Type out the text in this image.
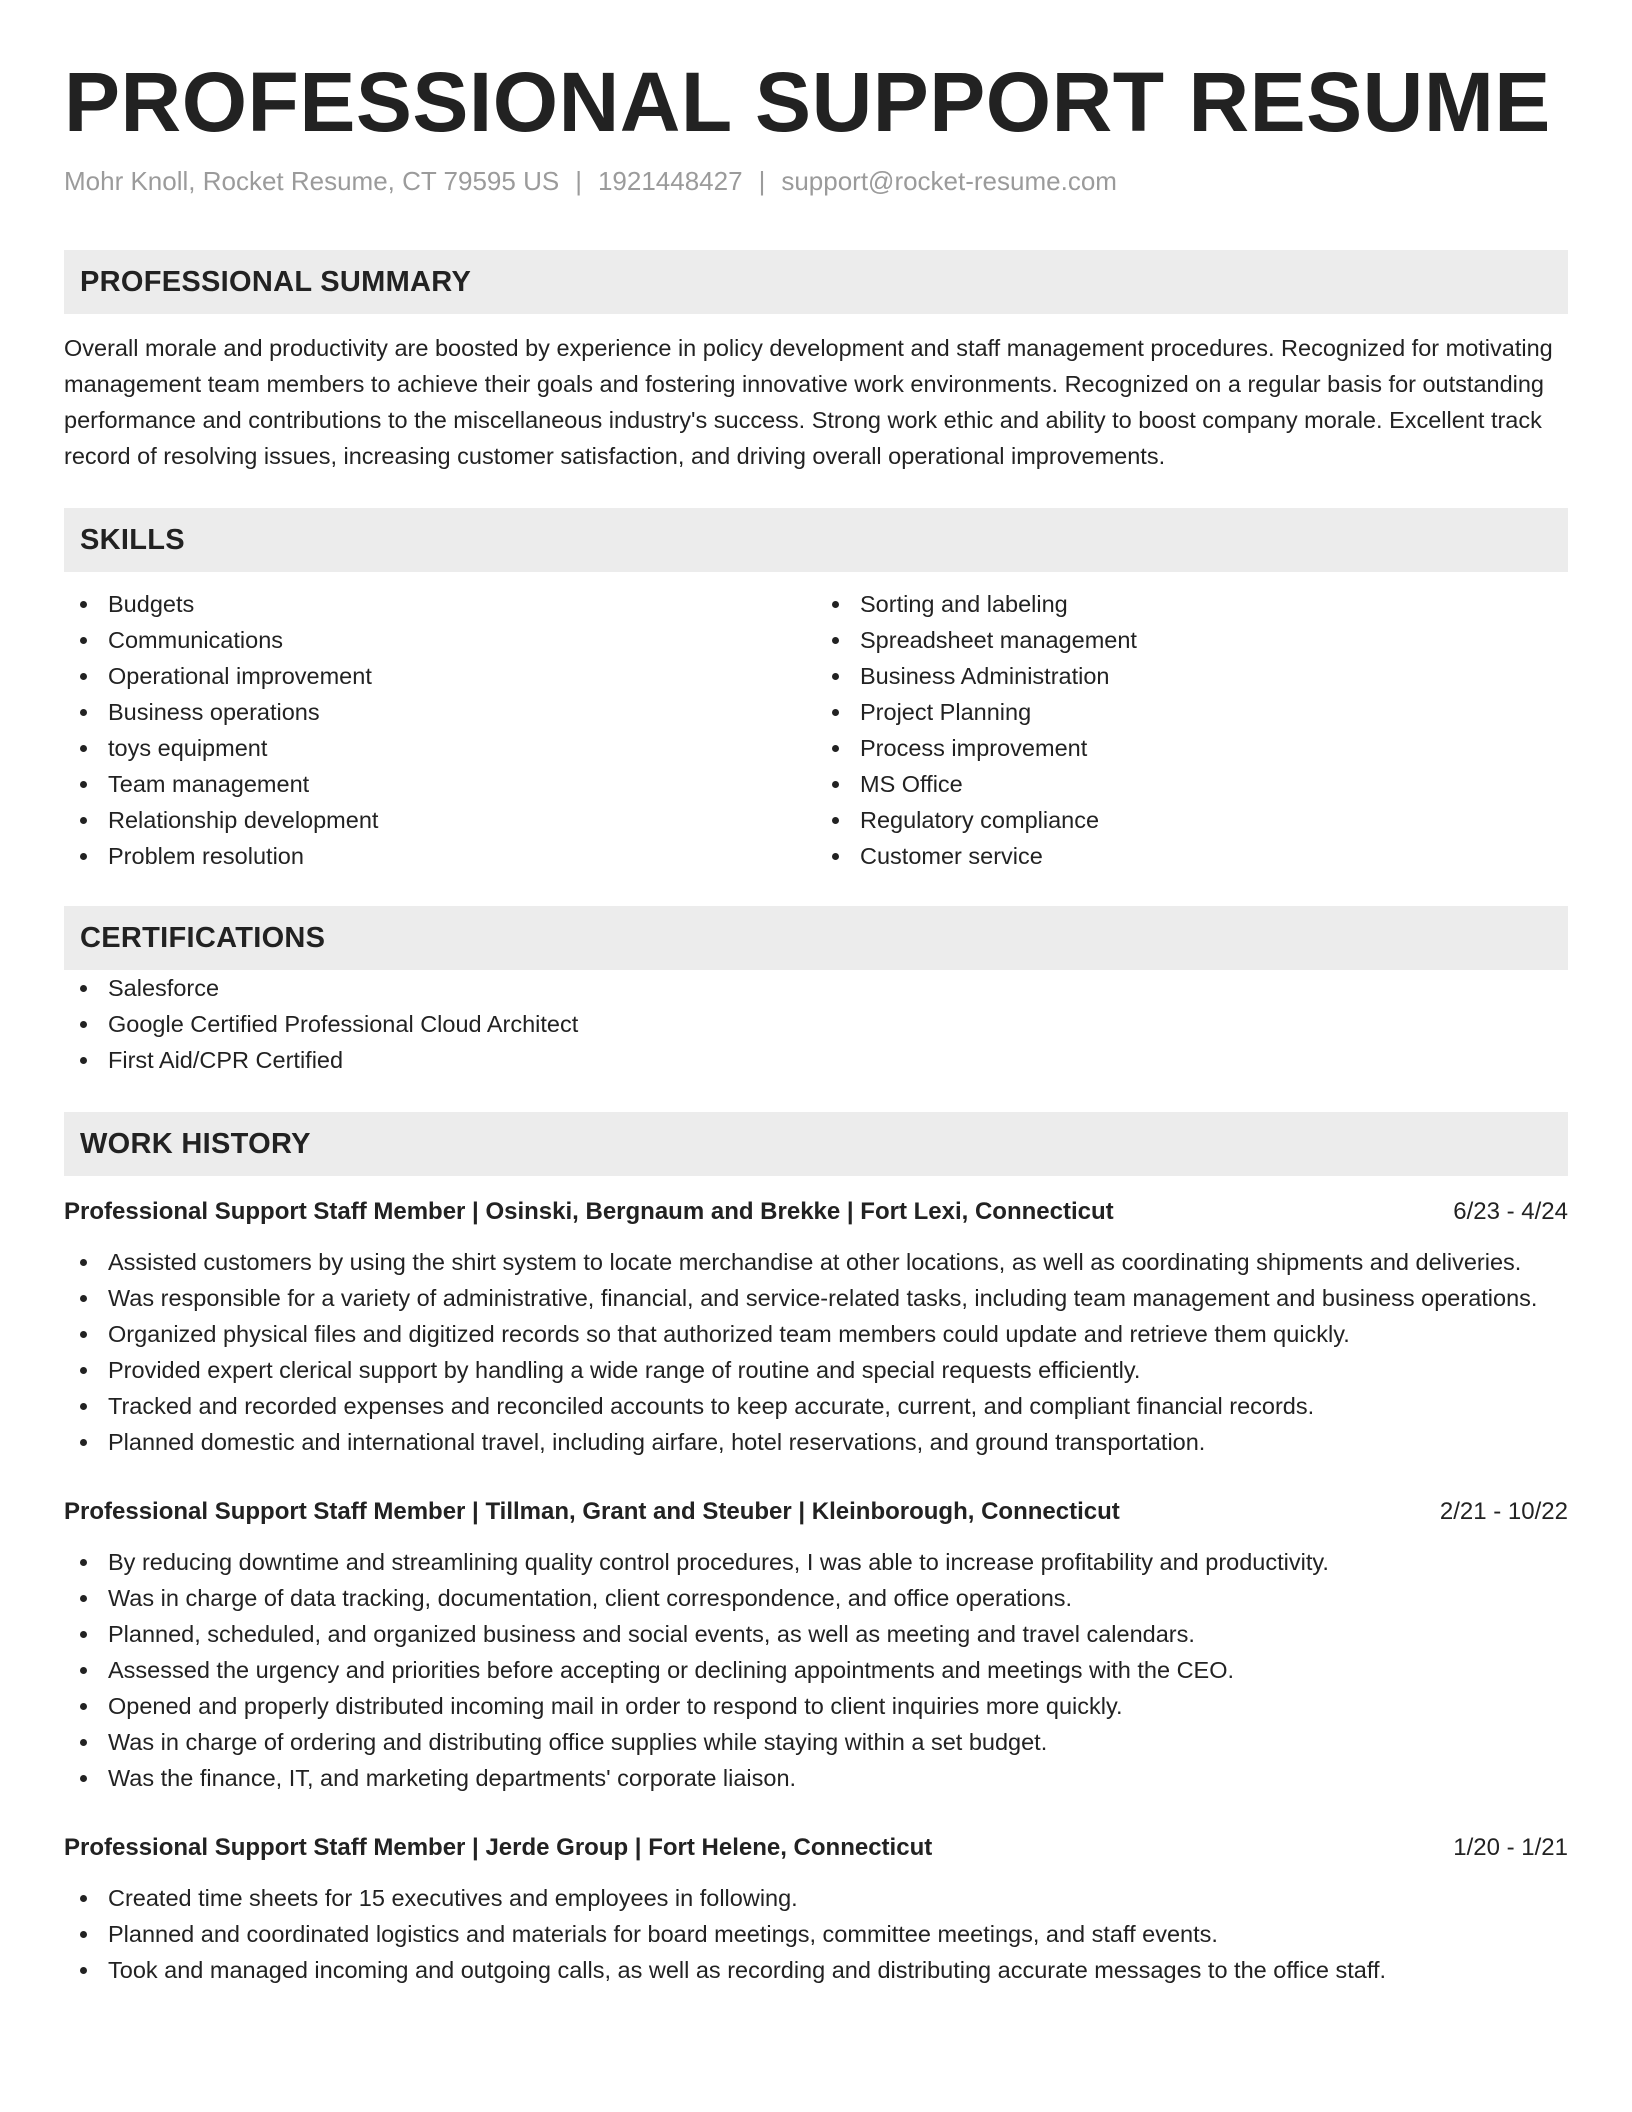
PROFESSIONAL SUPPORT RESUME
Mohr Knoll, Rocket Resume, CT 79595 US | 1921448427 | support@rocket-resume.com
PROFESSIONAL SUMMARY

Overall morale and productivity are boosted by experience in policy development and staff management procedures. Recognized for motivating management team members to achieve their goals and fostering innovative work environments. Recognized on a regular basis for outstanding performance and contributions to the miscellaneous industry's success. Strong work ethic and ability to boost company morale. Excellent track record of resolving issues, increasing customer satisfaction, and driving overall operational improvements.

SKILLS
Budgets
Communications
Operational improvement
Business operations
toys equipment
Team management
Relationship development
Problem resolution
Sorting and labeling
Spreadsheet management
Business Administration
Project Planning
Process improvement
MS Office
Regulatory compliance
Customer service
CERTIFICATIONS
Salesforce
Google Certified Professional Cloud Architect
First Aid/CPR Certified
WORK HISTORY
Professional Support Staff Member | Osinski, Bergnaum and Brekke | Fort Lexi, Connecticut	6/23 - 4/24
Assisted customers by using the shirt system to locate merchandise at other locations, as well as coordinating shipments and deliveries.
Was responsible for a variety of administrative, financial, and service-related tasks, including team management and business operations.
Organized physical files and digitized records so that authorized team members could update and retrieve them quickly.
Provided expert clerical support by handling a wide range of routine and special requests efficiently.
Tracked and recorded expenses and reconciled accounts to keep accurate, current, and compliant financial records.
Planned domestic and international travel, including airfare, hotel reservations, and ground transportation.
Professional Support Staff Member | Tillman, Grant and Steuber | Kleinborough, Connecticut	2/21 - 10/22
By reducing downtime and streamlining quality control procedures, I was able to increase profitability and productivity.
Was in charge of data tracking, documentation, client correspondence, and office operations.
Planned, scheduled, and organized business and social events, as well as meeting and travel calendars.
Assessed the urgency and priorities before accepting or declining appointments and meetings with the CEO.
Opened and properly distributed incoming mail in order to respond to client inquiries more quickly.
Was in charge of ordering and distributing office supplies while staying within a set budget.
Was the finance, IT, and marketing departments' corporate liaison.
Professional Support Staff Member | Jerde Group | Fort Helene, Connecticut	1/20 - 1/21
Created time sheets for 15 executives and employees in following.
Planned and coordinated logistics and materials for board meetings, committee meetings, and staff events.
Took and managed incoming and outgoing calls, as well as recording and distributing accurate messages to the office staff.
